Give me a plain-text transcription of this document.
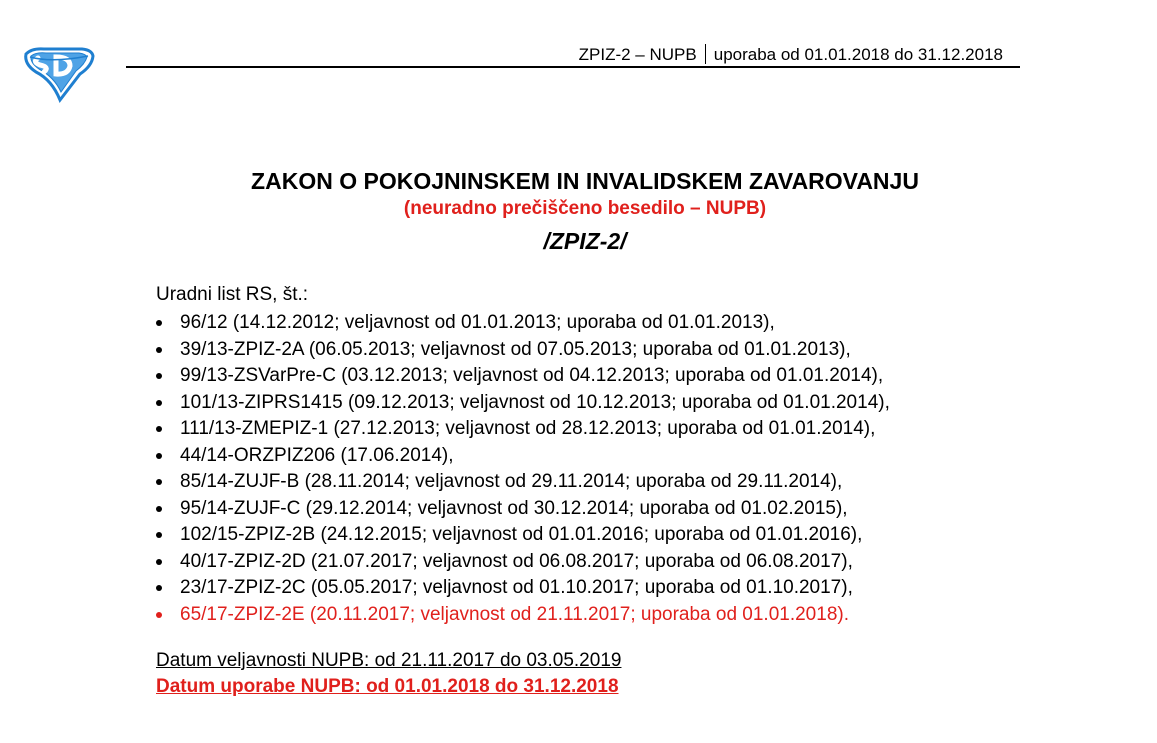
ZPIZ-2 – NUPB uporaba od 01.01.2018 do 31.12.2018
ZAKON O POKOJNINSKEM IN INVALIDSKEM ZAVAROVANJU
(neuradno prečiščeno besedilo – NUPB)
/ZPIZ-2/
Uradni list RS, št.:
96/12 (14.12.2012; veljavnost od 01.01.2013; uporaba od 01.01.2013),
39/13-ZPIZ-2A (06.05.2013; veljavnost od 07.05.2013; uporaba od 01.01.2013),
99/13-ZSVarPre-C (03.12.2013; veljavnost od 04.12.2013; uporaba od 01.01.2014),
101/13-ZIPRS1415 (09.12.2013; veljavnost od 10.12.2013; uporaba od 01.01.2014),
111/13-ZMEPIZ-1 (27.12.2013; veljavnost od 28.12.2013; uporaba od 01.01.2014),
44/14-ORZPIZ206 (17.06.2014),
85/14-ZUJF-B (28.11.2014; veljavnost od 29.11.2014; uporaba od 29.11.2014),
95/14-ZUJF-C (29.12.2014; veljavnost od 30.12.2014; uporaba od 01.02.2015),
102/15-ZPIZ-2B (24.12.2015; veljavnost od 01.01.2016; uporaba od 01.01.2016),
40/17-ZPIZ-2D (21.07.2017; veljavnost od 06.08.2017; uporaba od 06.08.2017),
23/17-ZPIZ-2C (05.05.2017; veljavnost od 01.10.2017; uporaba od 01.10.2017),
65/17-ZPIZ-2E (20.11.2017; veljavnost od 21.11.2017; uporaba od 01.01.2018).
Datum veljavnosti NUPB: od 21.11.2017 do 03.05.2019
Datum uporabe NUPB: od 01.01.2018 do 31.12.2018
